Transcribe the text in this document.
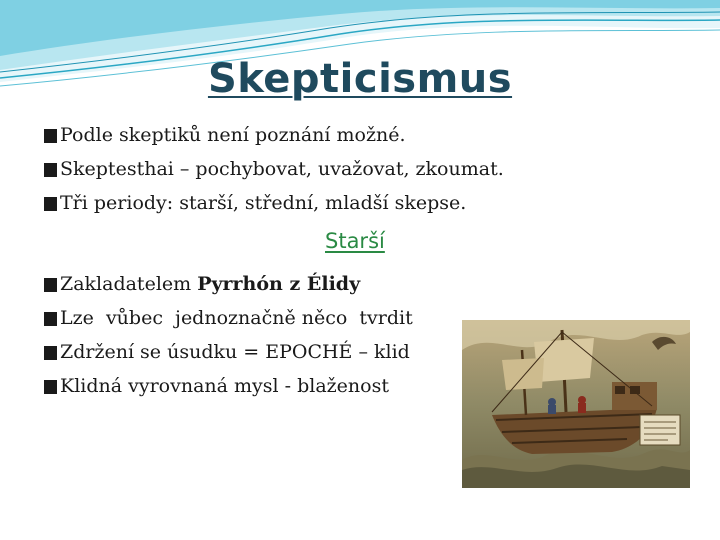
Skepticismus
Podle skeptiků není poznání možné.
Skeptesthai – pochybovat, uvažovat, zkoumat.
Tři periody: starší, střední, mladší skepse.
Starší
Zakladatelem Pyrrhón z Élidy
Lze  vůbec  jednoznačně něco  tvrdit
Zdržení se úsudku = EPOCHÉ – klid
Klidná vyrovnaná mysl - blaženost
